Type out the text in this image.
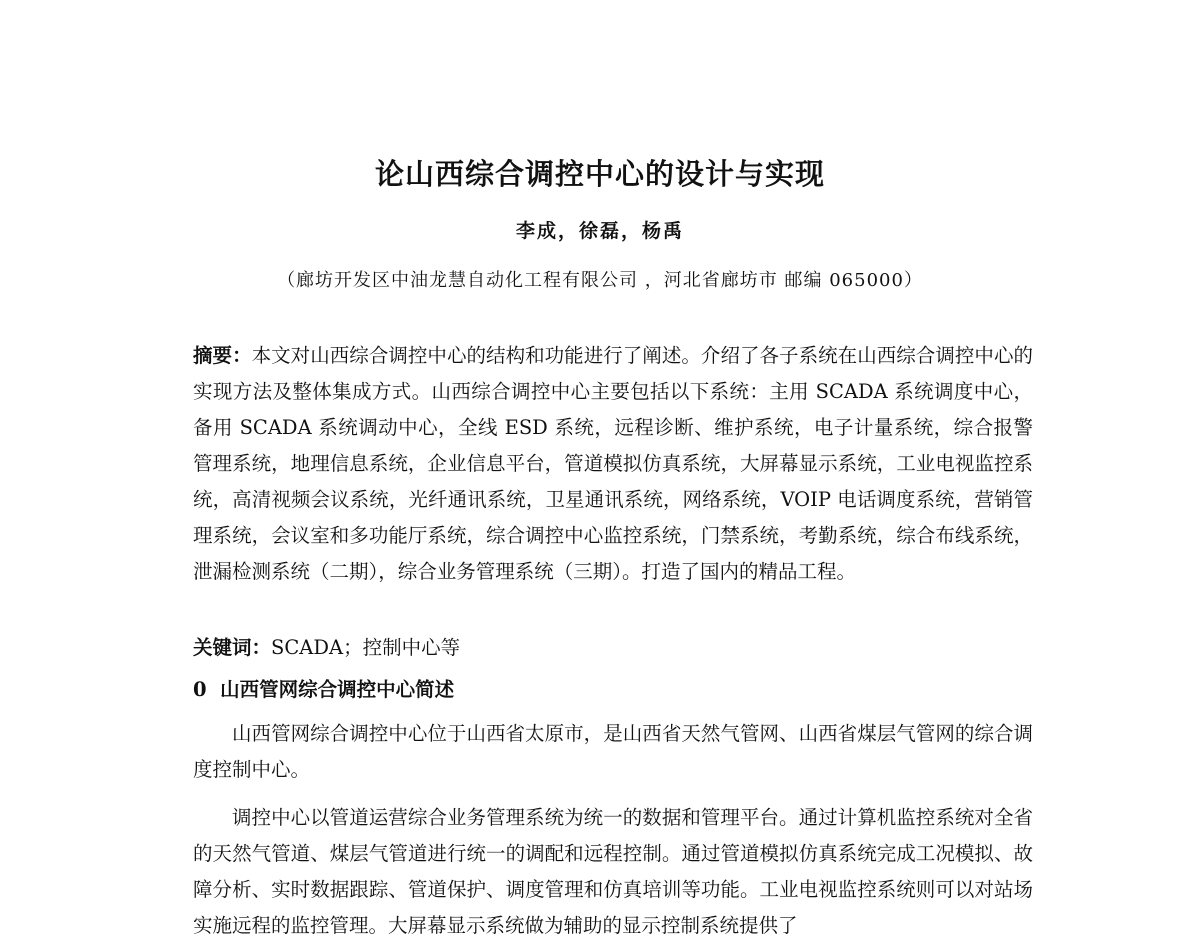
论山西综合调控中心的设计与实现
李成，徐磊，杨禹
（廊坊开发区中油龙慧自动化工程有限公司 ，河北省廊坊市 邮编 065000）
摘要：本文对山西综合调控中心的结构和功能进行了阐述。介绍了各子系统在山西综合调控中心的实现方法及整体集成方式。山西综合调控中心主要包括以下系统：主用 SCADA 系统调度中心，备用 SCADA 系统调动中心，全线 ESD 系统，远程诊断、维护系统，电子计量系统，综合报警管理系统，地理信息系统，企业信息平台，管道模拟仿真系统，大屏幕显示系统，工业电视监控系统，高清视频会议系统，光纤通讯系统，卫星通讯系统，网络系统，VOIP 电话调度系统，营销管理系统，会议室和多功能厅系统，综合调控中心监控系统，门禁系统，考勤系统，综合布线系统，泄漏检测系统（二期），综合业务管理系统（三期）。打造了国内的精品工程。
关键词：SCADA；控制中心等
0 山西管网综合调控中心简述
山西管网综合调控中心位于山西省太原市，是山西省天然气管网、山西省煤层气管网的综合调度控制中心。
调控中心以管道运营综合业务管理系统为统一的数据和管理平台。通过计算机监控系统对全省的天然气管道、煤层气管道进行统一的调配和远程控制。通过管道模拟仿真系统完成工况模拟、故障分析、实时数据跟踪、管道保护、调度管理和仿真培训等功能。工业电视监控系统则可以对站场实施远程的监控管理。大屏幕显示系统做为辅助的显示控制系统提供了
